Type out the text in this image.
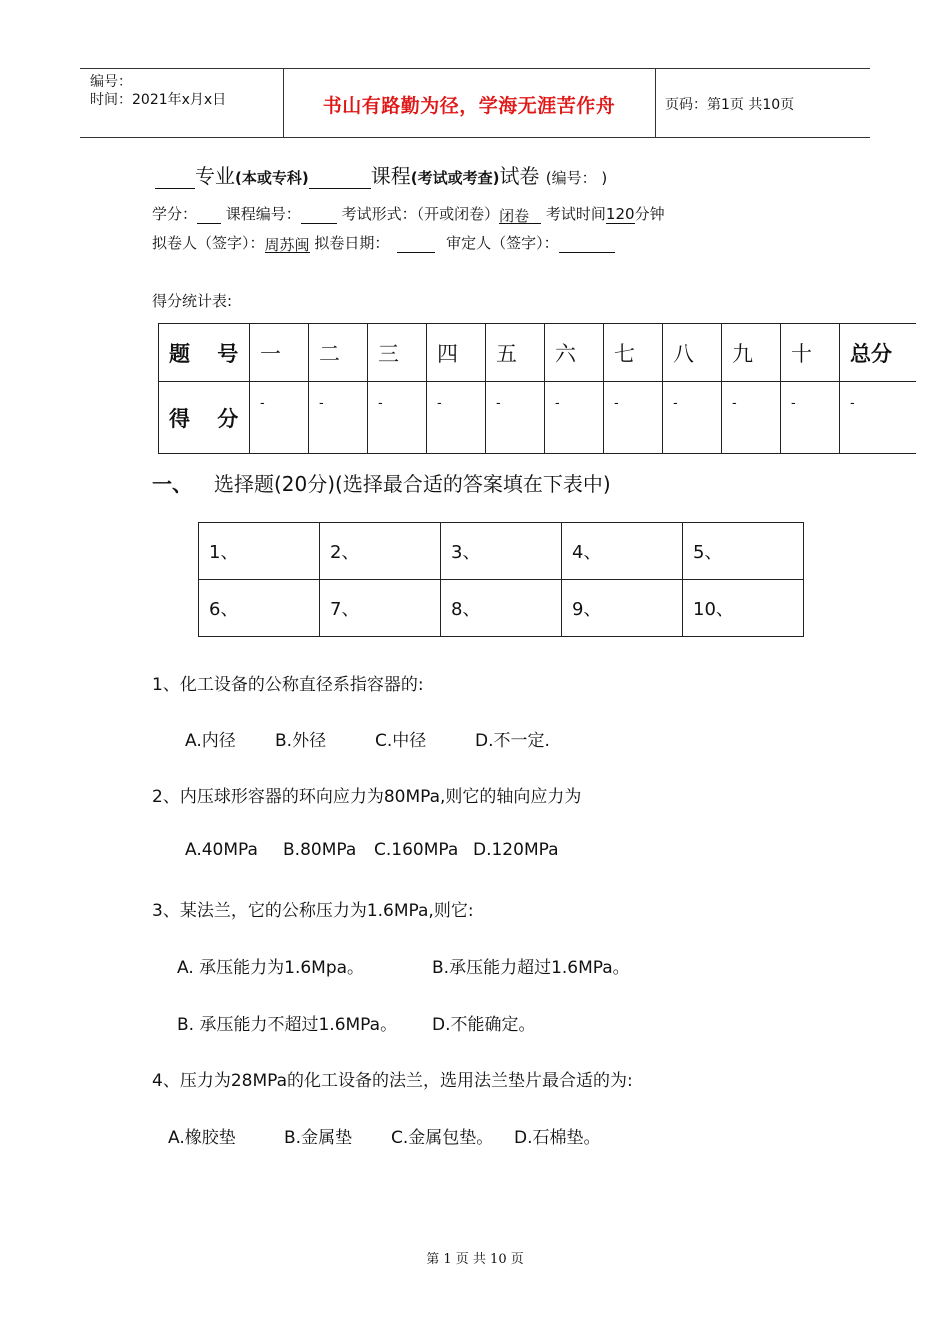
编号：
时间：2021年x月x日	书山有路勤为径，学海无涯苦作舟	页码：第1页 共10页
专业(本或专科)	课程(考试或考查)试卷 (编号： )
学分： 课程编号：	考试形式：（开或闭卷）闭卷 考试时间120分钟
拟卷人（签字）：周苏闽 拟卷日期：	审定人（签字）：
得分统计表:
题 号	一	二	三	四	五	六	七	八	九	十	总分
得 分	-	-	-	-	-	-	-	-	-	-	-
一、 选择题(20分)(选择最合适的答案填在下表中)
1、	2、	3、	4、	5、
6、	7、	8、	9、	10、
1、化工设备的公称直径系指容器的:
A.内径 B.外径	C.中径	D.不一定.
2、内压球形容器的环向应力为80MPa,则它的轴向应力为
A.40MPa B.80MPa C.160MPa D.120MPa
3、某法兰，它的公称压力为1.6MPa,则它:
A. 承压能力为1.6Mpa。	B.承压能力超过1.6MPa。
B. 承压能力不超过1.6MPa。 D.不能确定。
4、压力为28MPa的化工设备的法兰，选用法兰垫片最合适的为:
A.橡胶垫	B.金属垫 C.金属包垫。 D.石棉垫。
第 1 页 共 10 页
